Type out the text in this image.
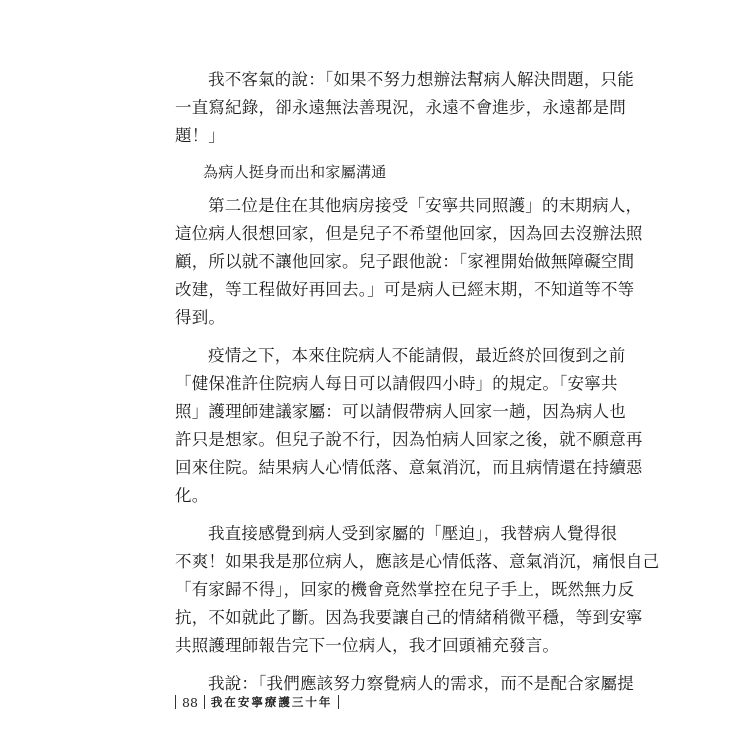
我不客氣的說：「如果不努力想辦法幫病人解決問題，只能
一直寫紀錄，卻永遠無法善現況，永遠不會進步，永遠都是問
題！」
為病人挺身而出和家屬溝通
第二位是住在其他病房接受「安寧共同照護」的末期病人，
這位病人很想回家，但是兒子不希望他回家，因為回去沒辦法照
顧，所以就不讓他回家。兒子跟他說：「家裡開始做無障礙空間
改建，等工程做好再回去。」可是病人已經末期，不知道等不等
得到。
疫情之下，本來住院病人不能請假，最近終於回復到之前
「健保准許住院病人每日可以請假四小時」的規定。「安寧共
照」護理師建議家屬：可以請假帶病人回家一趟，因為病人也
許只是想家。但兒子說不行，因為怕病人回家之後，就不願意再
回來住院。結果病人心情低落、意氣消沉，而且病情還在持續惡
化。
我直接感覺到病人受到家屬的「壓迫」，我替病人覺得很
不爽！如果我是那位病人，應該是心情低落、意氣消沉，痛恨自己
「有家歸不得」，回家的機會竟然掌控在兒子手上，既然無力反
抗，不如就此了斷。因為我要讓自己的情緒稍微平穩，等到安寧
共照護理師報告完下一位病人，我才回頭補充發言。
我說：「我們應該努力察覺病人的需求，而不是配合家屬提
88 我在安寧療護三十年
